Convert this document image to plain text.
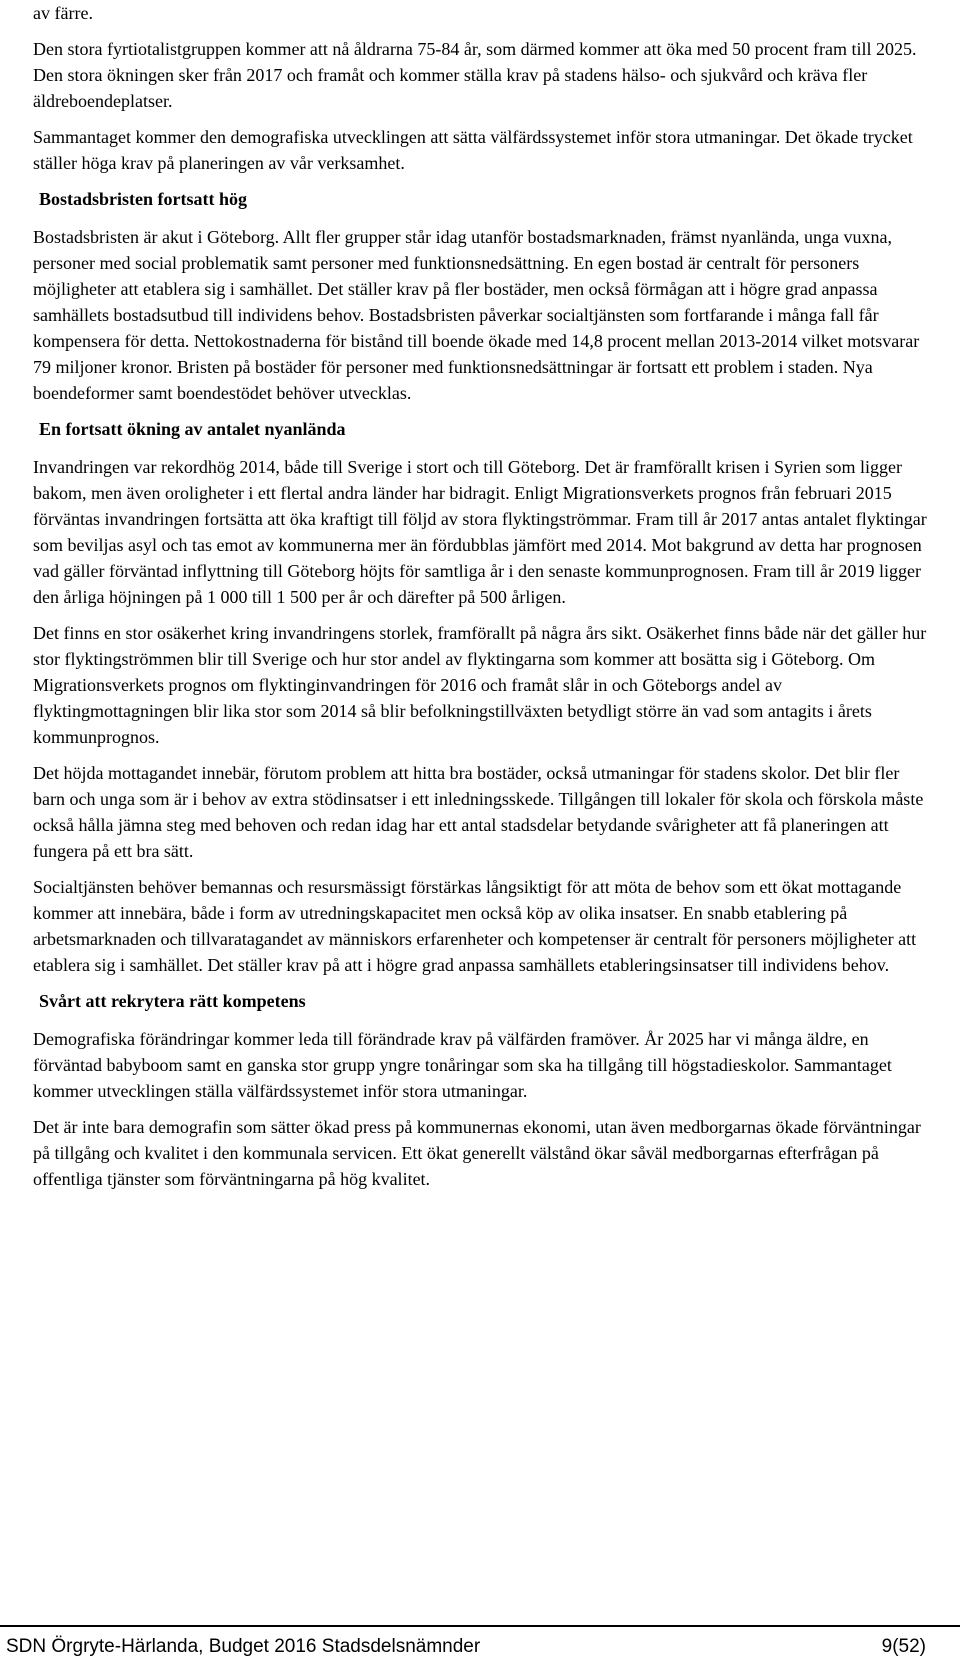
av färre.

Den stora fyrtiotalistgruppen kommer att nå åldrarna 75-84 år, som därmed kommer att öka med 50 procent fram till 2025. Den stora ökningen sker från 2017 och framåt och kommer ställa krav på stadens hälso- och sjukvård och kräva fler äldreboendeplatser.

Sammantaget kommer den demografiska utvecklingen att sätta välfärdssystemet inför stora utmaningar. Det ökade trycket ställer höga krav på planeringen av vår verksamhet.

Bostadsbristen fortsatt hög

Bostadsbristen är akut i Göteborg. Allt fler grupper står idag utanför bostadsmarknaden, främst nyanlända, unga vuxna, personer med social problematik samt personer med funktionsnedsättning. En egen bostad är centralt för personers möjligheter att etablera sig i samhället. Det ställer krav på fler bostäder, men också förmågan att i högre grad anpassa samhällets bostadsutbud till individens behov. Bostadsbristen påverkar socialtjänsten som fortfarande i många fall får kompensera för detta. Nettokostnaderna för bistånd till boende ökade med 14,8 procent mellan 2013-2014 vilket motsvarar 79 miljoner kronor. Bristen på bostäder för personer med funktionsnedsättningar är fortsatt ett problem i staden. Nya boendeformer samt boendestödet behöver utvecklas.

En fortsatt ökning av antalet nyanlända

Invandringen var rekordhög 2014, både till Sverige i stort och till Göteborg. Det är framförallt krisen i Syrien som ligger bakom, men även oroligheter i ett flertal andra länder har bidragit. Enligt Migrationsverkets prognos från februari 2015 förväntas invandringen fortsätta att öka kraftigt till följd av stora flyktingströmmar. Fram till år 2017 antas antalet flyktingar som beviljas asyl och tas emot av kommunerna mer än fördubblas jämfört med 2014. Mot bakgrund av detta har prognosen vad gäller förväntad inflyttning till Göteborg höjts för samtliga år i den senaste kommunprognosen. Fram till år 2019 ligger den årliga höjningen på 1 000 till 1 500 per år och därefter på 500 årligen.

Det finns en stor osäkerhet kring invandringens storlek, framförallt på några års sikt. Osäkerhet finns både när det gäller hur stor flyktingströmmen blir till Sverige och hur stor andel av flyktingarna som kommer att bosätta sig i Göteborg. Om Migrationsverkets prognos om flyktinginvandringen för 2016 och framåt slår in och Göteborgs andel av flyktingmottagningen blir lika stor som 2014 så blir befolkningstillväxten betydligt större än vad som antagits i årets kommunprognos.

Det höjda mottagandet innebär, förutom problem att hitta bra bostäder, också utmaningar för stadens skolor. Det blir fler barn och unga som är i behov av extra stödinsatser i ett inledningsskede. Tillgången till lokaler för skola och förskola måste också hålla jämna steg med behoven och redan idag har ett antal stadsdelar betydande svårigheter att få planeringen att fungera på ett bra sätt.

Socialtjänsten behöver bemannas och resursmässigt förstärkas långsiktigt för att möta de behov som ett ökat mottagande kommer att innebära, både i form av utredningskapacitet men också köp av olika insatser. En snabb etablering på arbetsmarknaden och tillvaratagandet av människors erfarenheter och kompetenser är centralt för personers möjligheter att etablera sig i samhället. Det ställer krav på att i högre grad anpassa samhällets etableringsinsatser till individens behov.

Svårt att rekrytera rätt kompetens

Demografiska förändringar kommer leda till förändrade krav på välfärden framöver. År 2025 har vi många äldre, en förväntad babyboom samt en ganska stor grupp yngre tonåringar som ska ha tillgång till högstadieskolor. Sammantaget kommer utvecklingen ställa välfärdssystemet inför stora utmaningar.

Det är inte bara demografin som sätter ökad press på kommunernas ekonomi, utan även medborgarnas ökade förväntningar på tillgång och kvalitet i den kommunala servicen. Ett ökat generellt välstånd ökar såväl medborgarnas efterfrågan på offentliga tjänster som förväntningarna på hög kvalitet.

SDN Örgryte-Härlanda, Budget 2016 Stadsdelsnämnder	9(52)
